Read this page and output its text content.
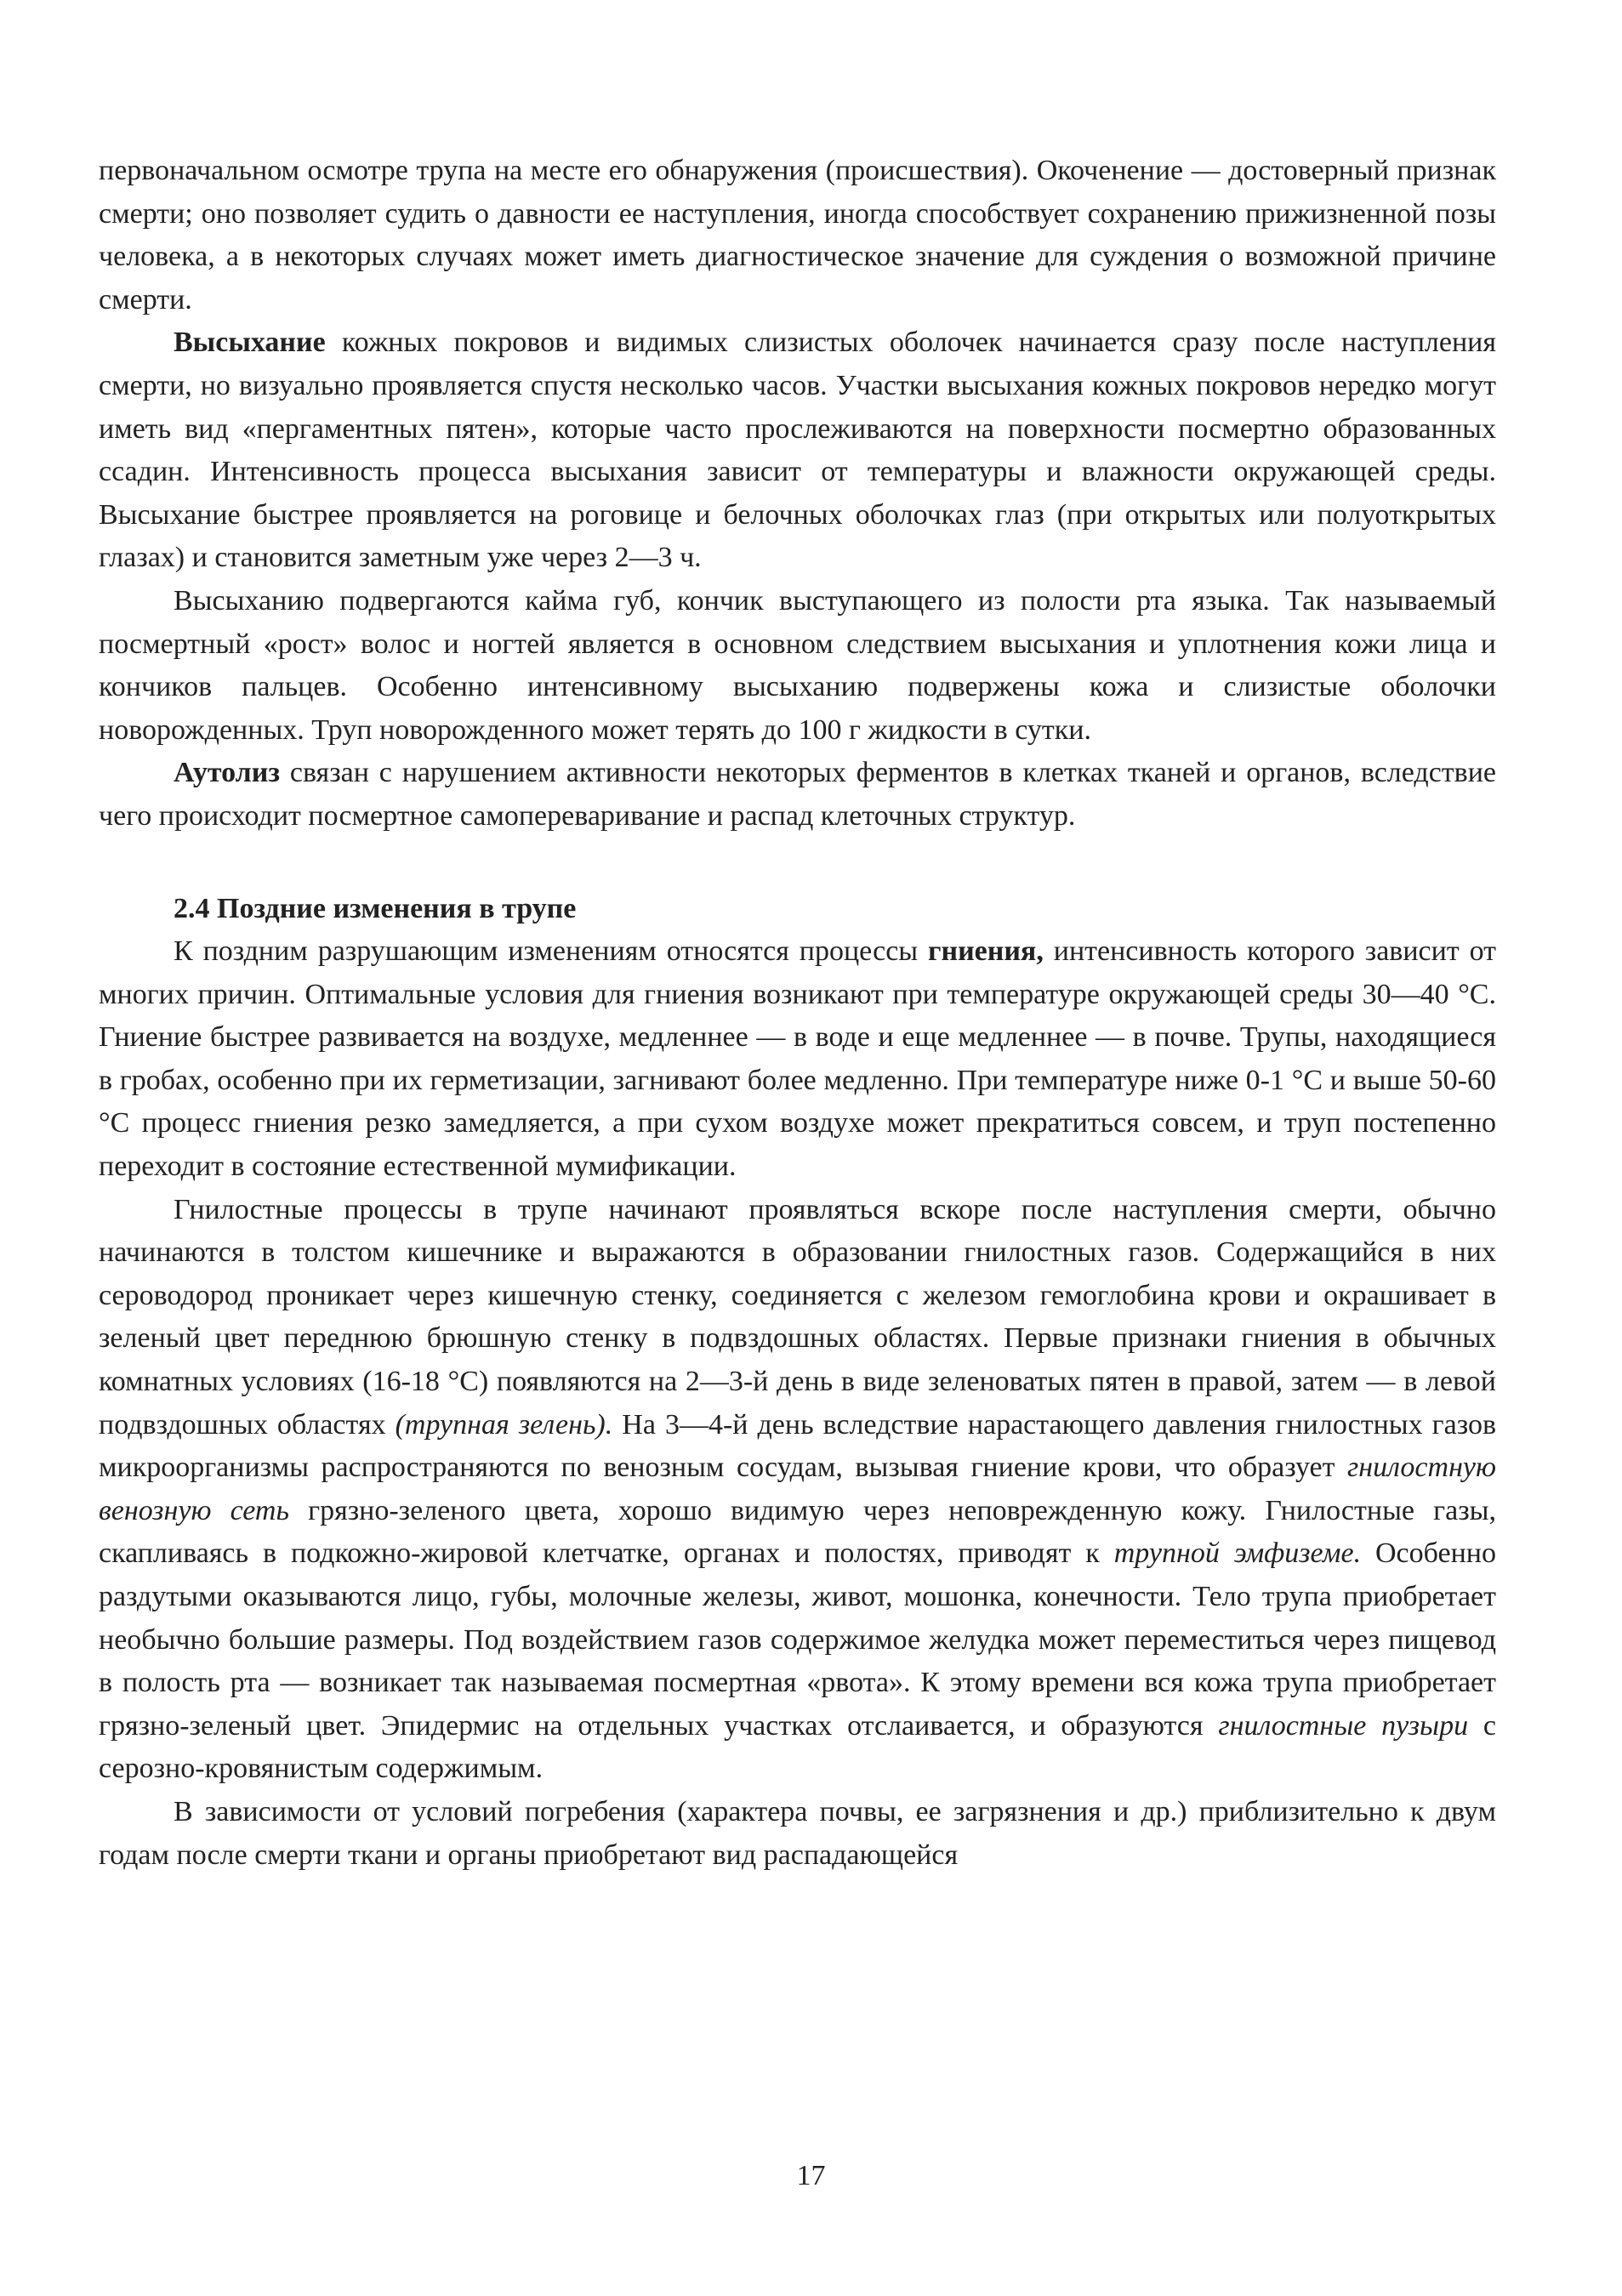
первоначальном осмотре трупа на месте его обнаружения (происшествия). Окоченение — достоверный признак смерти; оно позволяет судить о давности ее наступления, иногда способствует сохранению прижизненной позы человека, а в некоторых случаях может иметь диагностическое значение для суждения о возможной причине смерти.

Высыхание кожных покровов и видимых слизистых оболочек начинается сразу после наступления смерти, но визуально проявляется спустя несколько часов. Участки высыхания кожных покровов нередко могут иметь вид «пергаментных пятен», которые часто прослеживаются на поверхности посмертно образованных ссадин. Интенсивность процесса высыхания зависит от температуры и влажности окружающей среды. Высыхание быстрее проявляется на роговице и белочных оболочках глаз (при открытых или полуоткрытых глазах) и становится заметным уже через 2—3 ч.

Высыханию подвергаются кайма губ, кончик выступающего из полости рта языка. Так называемый посмертный «рост» волос и ногтей является в основном следствием высыхания и уплотнения кожи лица и кончиков пальцев. Особенно интенсивному высыханию подвержены кожа и слизистые оболочки новорожденных. Труп новорожденного может терять до 100 г жидкости в сутки.

Аутолиз связан с нарушением активности некоторых ферментов в клетках тканей и органов, вследствие чего происходит посмертное самопереваривание и распад клеточных структур.

2.4 Поздние изменения в трупе

К поздним разрушающим изменениям относятся процессы гниения, интенсивность которого зависит от многих причин. Оптимальные условия для гниения возникают при температуре окружающей среды 30—40 °С. Гниение быстрее развивается на воздухе, медленнее — в воде и еще медленнее — в почве. Трупы, находящиеся в гробах, особенно при их герметизации, загнивают более медленно. При температуре ниже 0-1 °С и выше 50-60 °С процесс гниения резко замедляется, а при сухом воздухе может прекратиться совсем, и труп постепенно переходит в состояние естественной мумификации.

Гнилостные процессы в трупе начинают проявляться вскоре после наступления смерти, обычно начинаются в толстом кишечнике и выражаются в образовании гнилостных газов. Содержащийся в них сероводород проникает через кишечную стенку, соединяется с железом гемоглобина крови и окрашивает в зеленый цвет переднюю брюшную стенку в подвздошных областях. Первые признаки гниения в обычных комнатных условиях (16-18 °С) появляются на 2—3-й день в виде зеленоватых пятен в правой, затем — в левой подвздошных областях (трупная зелень). На 3—4-й день вследствие нарастающего давления гнилостных газов микроорганизмы распространяются по венозным сосудам, вызывая гниение крови, что образует гнилостную венозную сеть грязно-зеленого цвета, хорошо видимую через неповрежденную кожу. Гнилостные газы, скапливаясь в подкожно-жировой клетчатке, органах и полостях, приводят к трупной эмфиземе. Особенно раздутыми оказываются лицо, губы, молочные железы, живот, мошонка, конечности. Тело трупа приобретает необычно большие размеры. Под воздействием газов содержимое желудка может переместиться через пищевод в полость рта — возникает так называемая посмертная «рвота». К этому времени вся кожа трупа приобретает грязно-зеленый цвет. Эпидермис на отдельных участках отслаивается, и образуются гнилостные пузыри с серозно-кровянистым содержимым.

В зависимости от условий погребения (характера почвы, ее загрязнения и др.) приблизительно к двум годам после смерти ткани и органы приобретают вид распадающейся

17
